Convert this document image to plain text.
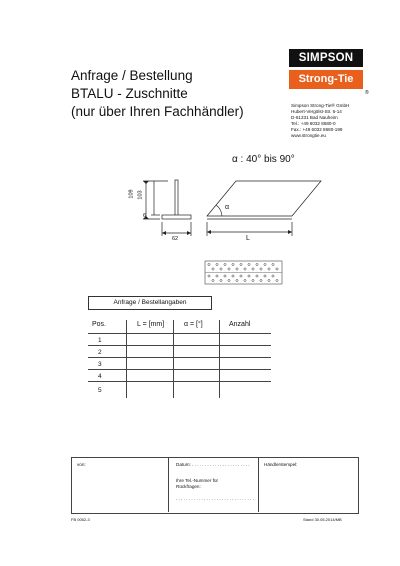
Anfrage / Bestellung
BTALU - Zuschnitte
(nur über Ihren Fachhändler)
SIMPSON
Strong-Tie
®
Simpson Strong-Tie® GmbH
Hubert-Vergölst-Str. 6-14
D-61231 Bad Nauheim
Tel.: +49 6032 8680-0
Fax.: +49 6032 8680-199
www.strongtie.eu
α : 40° bis 90°
109 103
6
62	L
α
Anfrage / Bestellangaben
Pos.	L = [mm]	α = [°]	Anzahl
1
2
3
4
5
von:	Datum: . . . . . . . . . . . . . . . . . . . . . . .
Ihre Tel.-Nummer für
Rückfragen:
. . . . . . . . . . . . . . . . . . . . . . . . . . . . . . .
Händlerstempel:
FB 0052-3	Stand 30.05.2014/MB
